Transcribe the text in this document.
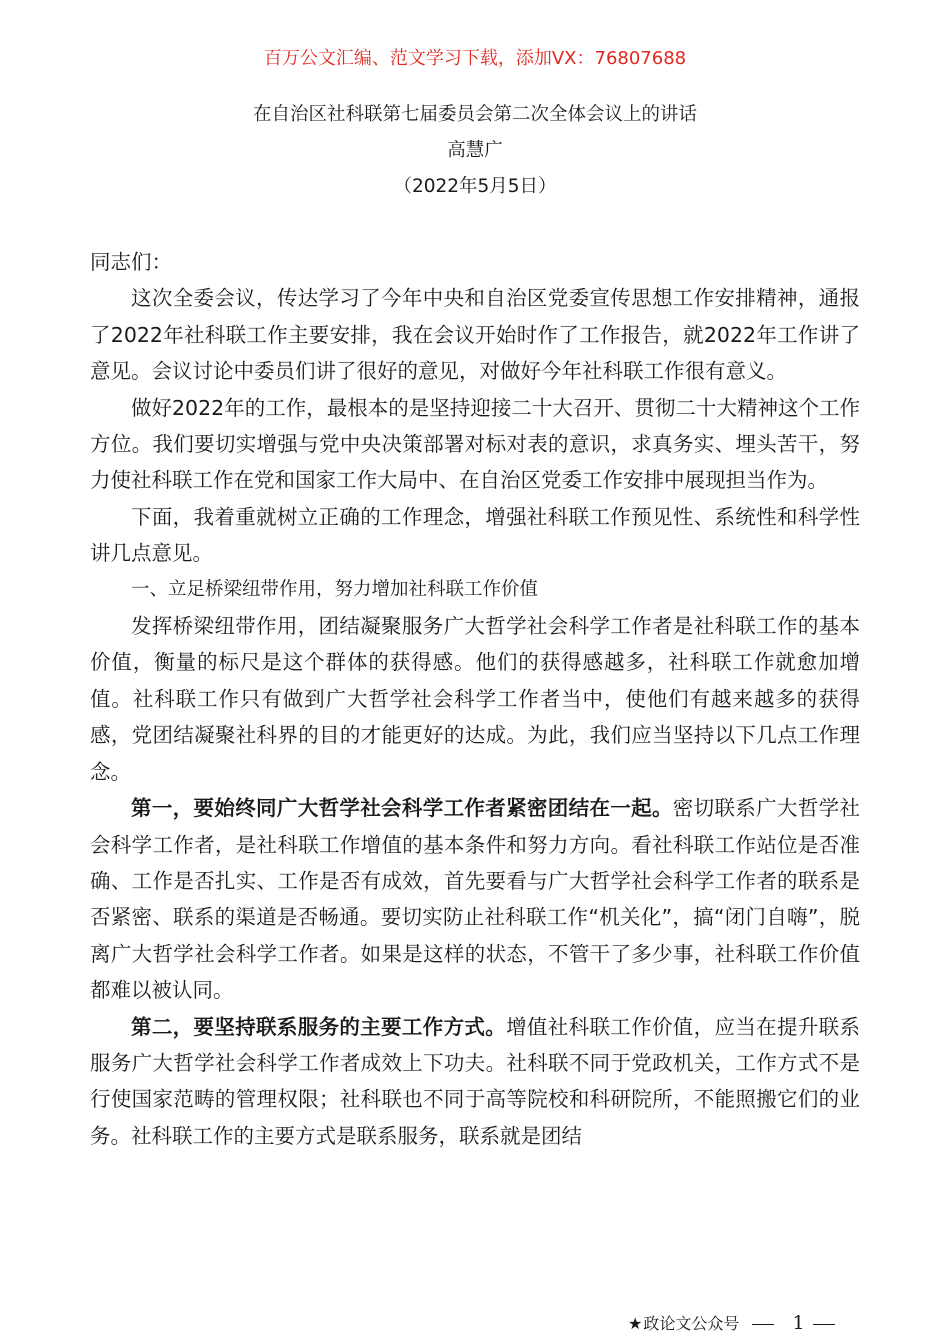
百万公文汇编、范文学习下载，添加VX：76807688
在自治区社科联第七届委员会第二次全体会议上的讲话
高慧广
（2022年5月5日）

同志们：

这次全委会议，传达学习了今年中央和自治区党委宣传思想工作安排精神，通报了2022年社科联工作主要安排，我在会议开始时作了工作报告，就2022年工作讲了意见。会议讨论中委员们讲了很好的意见，对做好今年社科联工作很有意义。

做好2022年的工作，最根本的是坚持迎接二十大召开、贯彻二十大精神这个工作方位。我们要切实增强与党中央决策部署对标对表的意识，求真务实、埋头苦干，努力使社科联工作在党和国家工作大局中、在自治区党委工作安排中展现担当作为。

下面，我着重就树立正确的工作理念，增强社科联工作预见性、系统性和科学性讲几点意见。

一、立足桥梁纽带作用，努力增加社科联工作价值

发挥桥梁纽带作用，团结凝聚服务广大哲学社会科学工作者是社科联工作的基本价值，衡量的标尺是这个群体的获得感。他们的获得感越多，社科联工作就愈加增值。社科联工作只有做到广大哲学社会科学工作者当中，使他们有越来越多的获得感，党团结凝聚社科界的目的才能更好的达成。为此，我们应当坚持以下几点工作理念。

第一，要始终同广大哲学社会科学工作者紧密团结在一起。密切联系广大哲学社会科学工作者，是社科联工作增值的基本条件和努力方向。看社科联工作站位是否准确、工作是否扎实、工作是否有成效，首先要看与广大哲学社会科学工作者的联系是否紧密、联系的渠道是否畅通。要切实防止社科联工作“机关化”，搞“闭门自嗨”，脱离广大哲学社会科学工作者。如果是这样的状态，不管干了多少事，社科联工作价值都难以被认同。

第二，要坚持联系服务的主要工作方式。增值社科联工作价值，应当在提升联系服务广大哲学社会科学工作者成效上下功夫。社科联不同于党政机关，工作方式不是行使国家范畴的管理权限；社科联也不同于高等院校和科研院所，不能照搬它们的业务。社科联工作的主要方式是联系服务，联系就是团结

★政论文公众号	1
